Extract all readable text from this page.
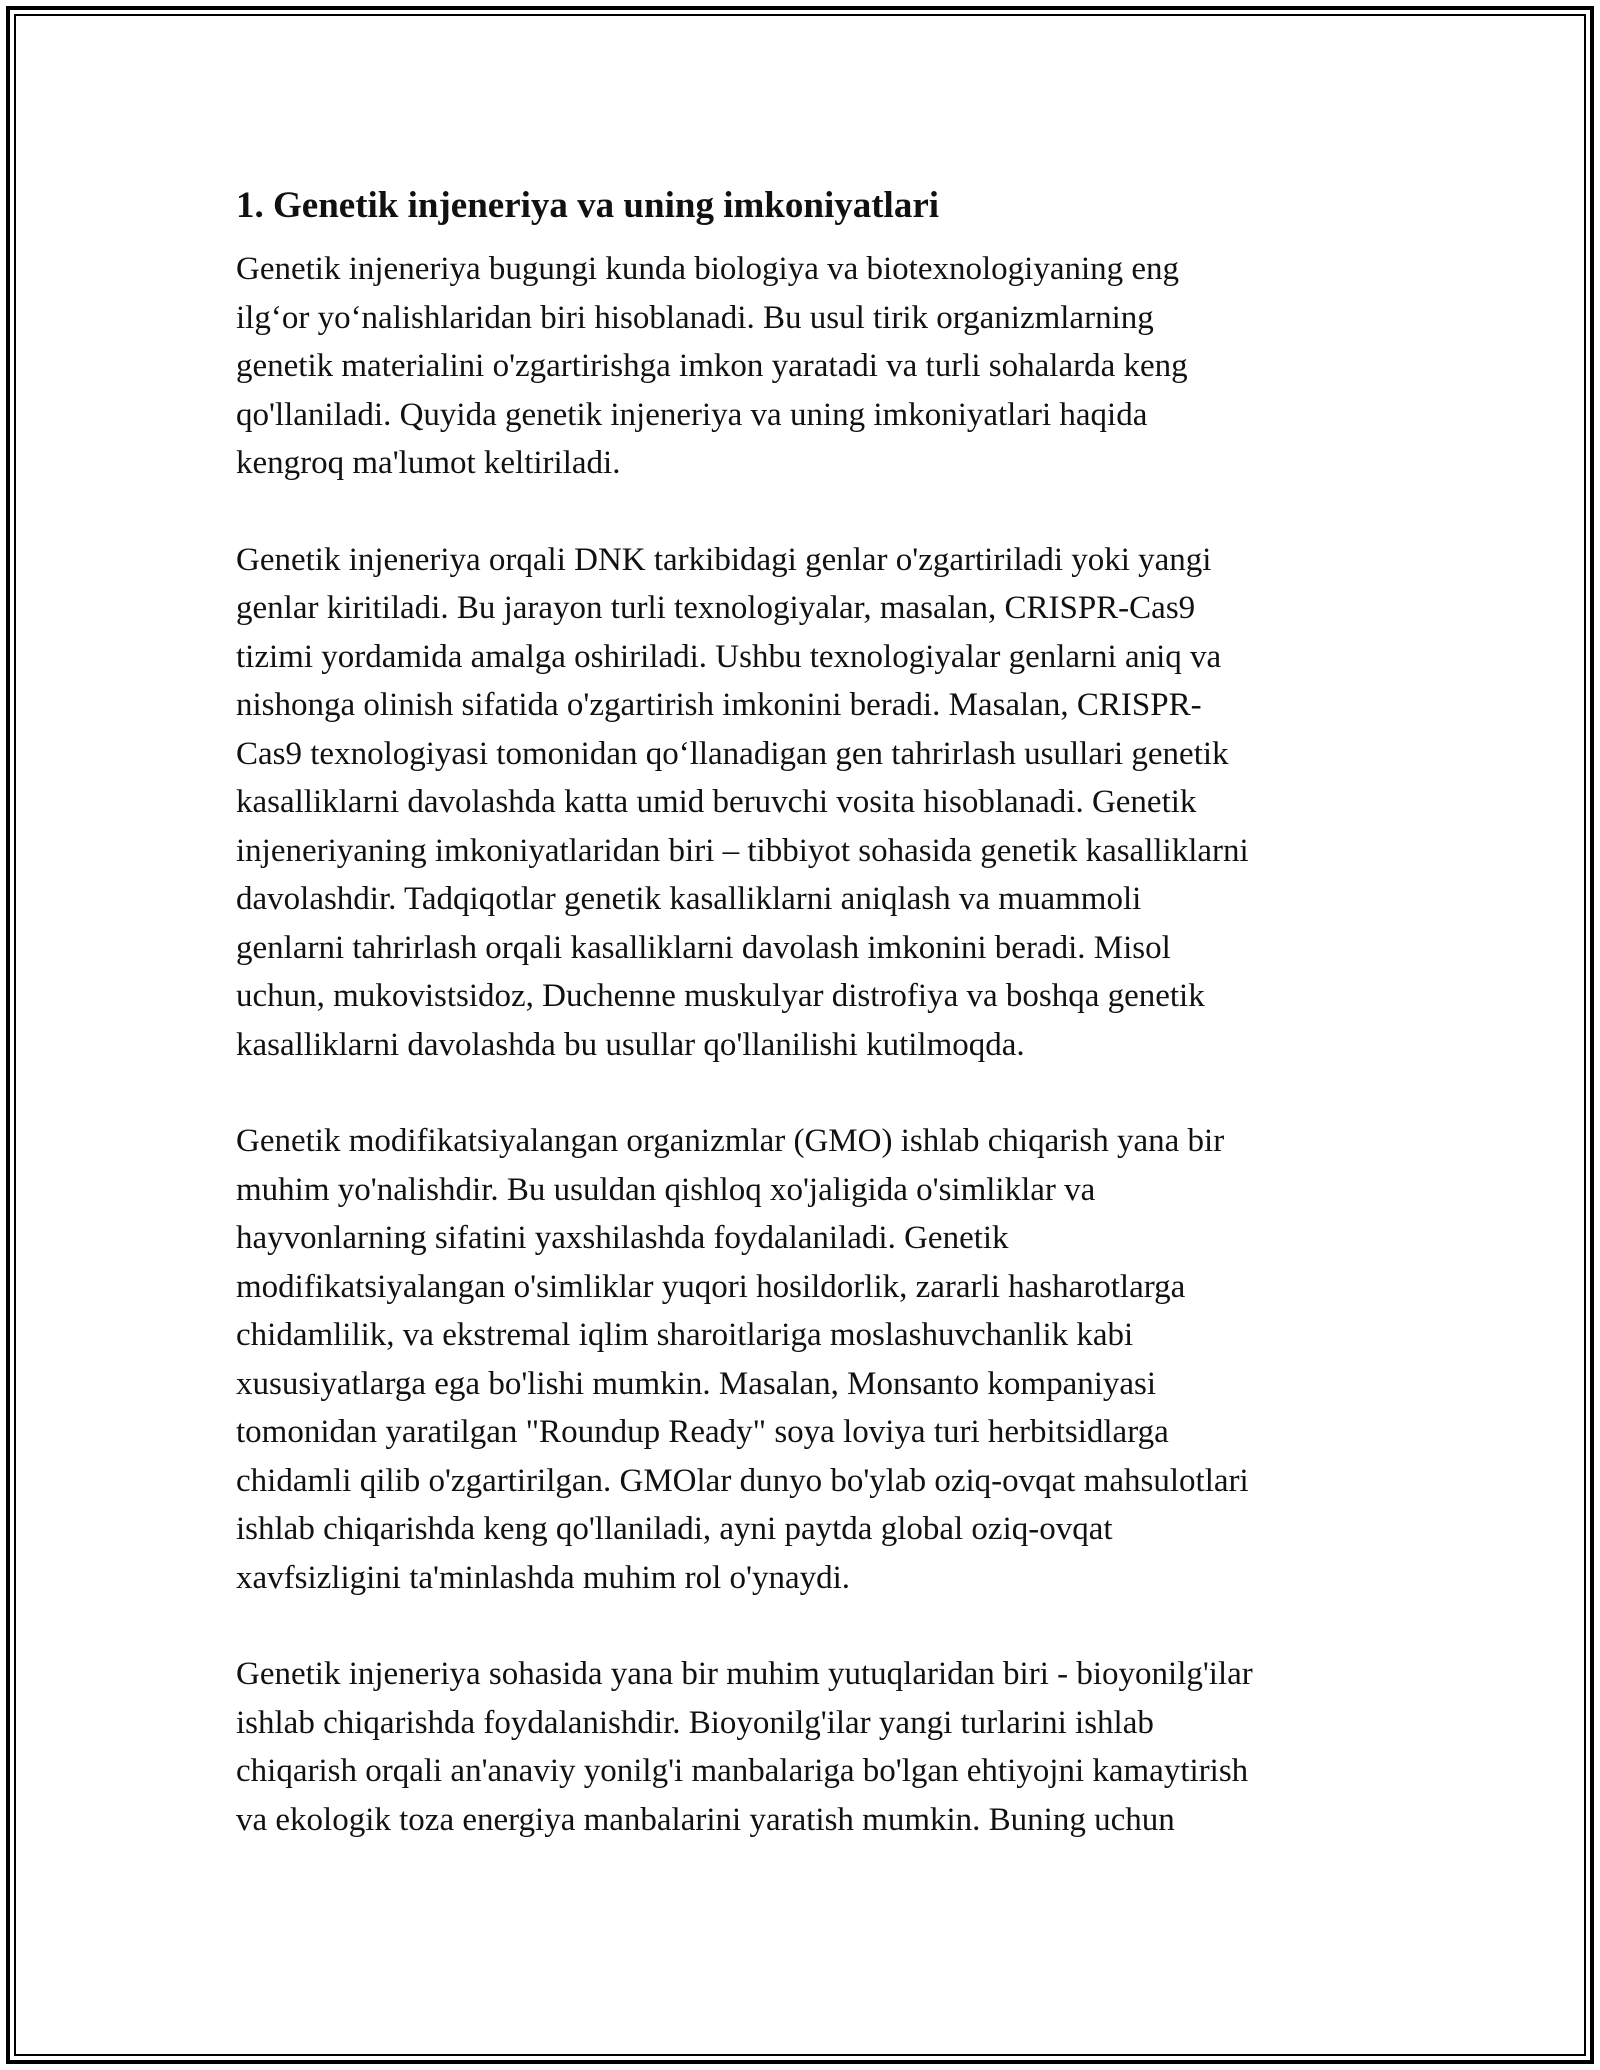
1. Genetik injeneriya va uning imkoniyatlari
Genetik injeneriya bugungi kunda biologiya va biotexnologiyaning eng
ilg‘or yo‘nalishlaridan biri hisoblanadi. Bu usul tirik organizmlarning
genetik materialini o'zgartirishga imkon yaratadi va turli sohalarda keng
qo'llaniladi. Quyida genetik injeneriya va uning imkoniyatlari haqida
kengroq ma'lumot keltiriladi.
Genetik injeneriya orqali DNK tarkibidagi genlar o'zgartiriladi yoki yangi
genlar kiritiladi. Bu jarayon turli texnologiyalar, masalan, CRISPR-Cas9
tizimi yordamida amalga oshiriladi. Ushbu texnologiyalar genlarni aniq va
nishonga olinish sifatida o'zgartirish imkonini beradi. Masalan, CRISPR-
Cas9 texnologiyasi tomonidan qo‘llanadigan gen tahrirlash usullari genetik
kasalliklarni davolashda katta umid beruvchi vosita hisoblanadi. Genetik
injeneriyaning imkoniyatlaridan biri – tibbiyot sohasida genetik kasalliklarni
davolashdir. Tadqiqotlar genetik kasalliklarni aniqlash va muammoli
genlarni tahrirlash orqali kasalliklarni davolash imkonini beradi. Misol
uchun, mukovistsidoz, Duchenne muskulyar distrofiya va boshqa genetik
kasalliklarni davolashda bu usullar qo'llanilishi kutilmoqda.
Genetik modifikatsiyalangan organizmlar (GMO) ishlab chiqarish yana bir
muhim yo'nalishdir. Bu usuldan qishloq xo'jaligida o'simliklar va
hayvonlarning sifatini yaxshilashda foydalaniladi. Genetik
modifikatsiyalangan o'simliklar yuqori hosildorlik, zararli hasharotlarga
chidamlilik, va ekstremal iqlim sharoitlariga moslashuvchanlik kabi
xususiyatlarga ega bo'lishi mumkin. Masalan, Monsanto kompaniyasi
tomonidan yaratilgan "Roundup Ready" soya loviya turi herbitsidlarga
chidamli qilib o'zgartirilgan. GMOlar dunyo bo'ylab oziq-ovqat mahsulotlari
ishlab chiqarishda keng qo'llaniladi, ayni paytda global oziq-ovqat
xavfsizligini ta'minlashda muhim rol o'ynaydi.
Genetik injeneriya sohasida yana bir muhim yutuqlaridan biri - bioyonilg'ilar
ishlab chiqarishda foydalanishdir. Bioyonilg'ilar yangi turlarini ishlab
chiqarish orqali an'anaviy yonilg'i manbalariga bo'lgan ehtiyojni kamaytirish
va ekologik toza energiya manbalarini yaratish mumkin. Buning uchun
